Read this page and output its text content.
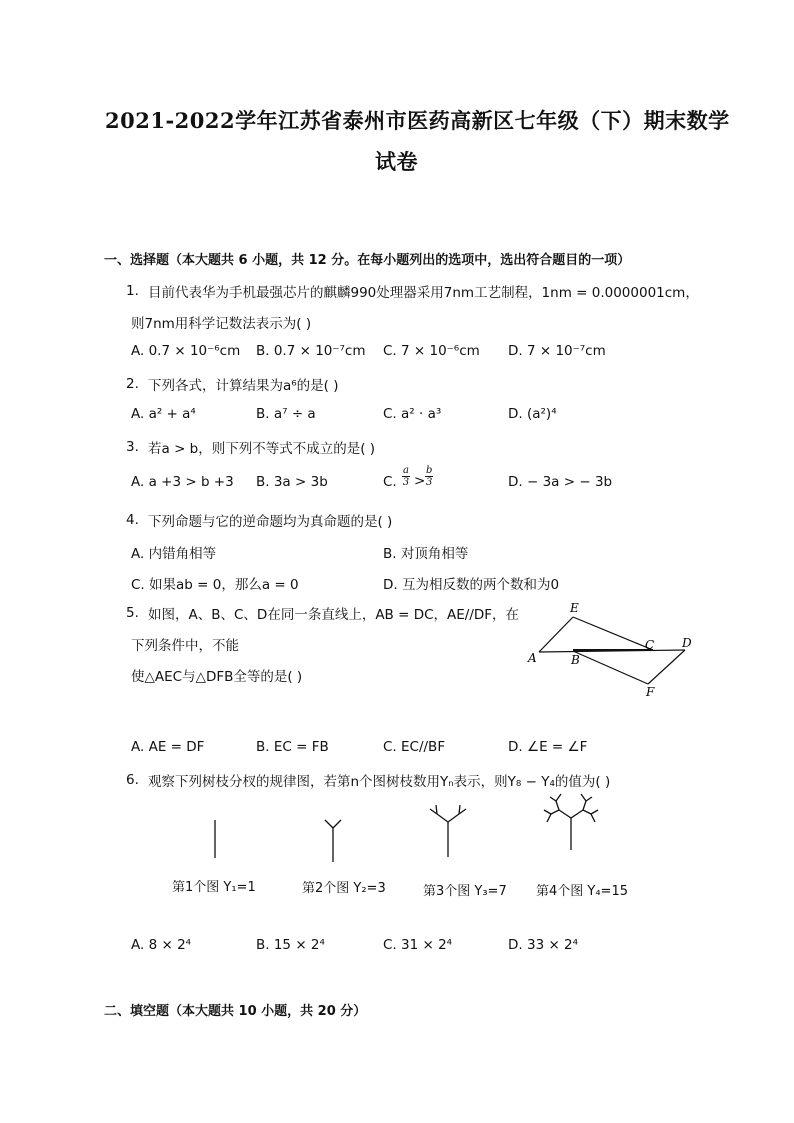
2021-2022学年江苏省泰州市医药高新区七年级（下）期末数学
试卷
一、选择题（本大题共 6 小题，共 12 分。在每小题列出的选项中，选出符合题目的一项）
1. 目前代表华为手机最强芯片的麒麟990处理器采用7nm工艺制程，1nm = 0.0000001cm，
则7nm用科学记数法表示为( )
A. 0.7 × 10⁻⁶cm B. 0.7 × 10⁻⁷cm C. 7 × 10⁻⁶cm D. 7 × 10⁻⁷cm
2. 下列各式，计算结果为a⁶的是( )
A. a² + a⁴	B. a⁷ ÷ a	C. a² · a³	D. (a²)⁴
3. 若a > b，则下列不等式不成立的是( )
A. a +3 > b +3 B. 3a > 3b	C.
a
3 >
b
3	D. − 3a > − 3b
4. 下列命题与它的逆命题均为真命题的是( )
A. 内错角相等	B. 对顶角相等
C. 如果ab = 0，那么a = 0	D. 互为相反数的两个数和为0
5. 如图，A、B、C、D在同一条直线上，AB = DC，AE//DF，在
下列条件中，不能
使△AEC与△DFB全等的是( )
A	B
C D
E
F
A. AE = DF	B. EC = FB	C. EC//BF	D. ∠E = ∠F
6. 观察下列树枝分杈的规律图，若第n个图树枝数用Yₙ表示，则Y₈ − Y₄的值为( )
第1个图 Y₁=1	第2个图 Y₂=3	第3个图 Y₃=7 第4个图 Y₄=15
A. 8 × 2⁴	B. 15 × 2⁴	C. 31 × 2⁴	D. 33 × 2⁴
二、填空题（本大题共 10 小题，共 20 分）
